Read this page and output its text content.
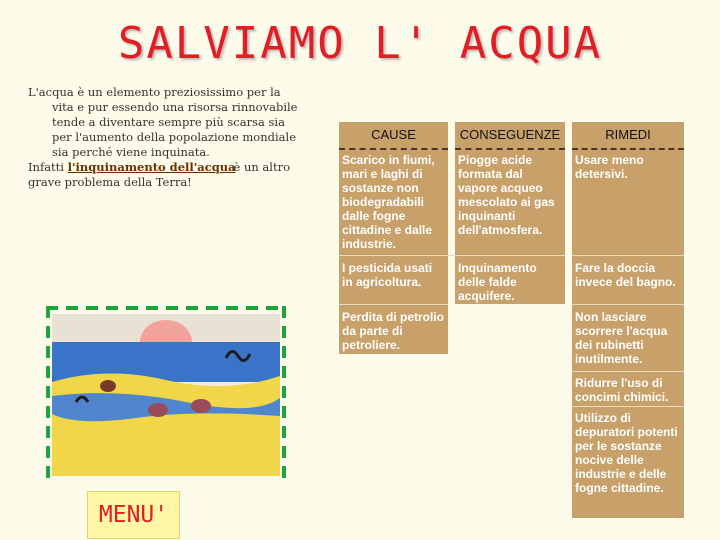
SALVIAMO L' ACQUA

L'acqua è un elemento preziosissimo per la vita e pur essendo una risorsa rinnovabile tende a diventare sempre più scarsa sia per l'aumento della popolazione mondiale sia perché viene inquinata.

Infatti l'inquinamento dell'acqua
è un altro

grave problema della Terra!

MENU'
CAUSE	CONSEGUENZE	RIMEDI
Scarico in fiumi, mari e laghi di sostanze non biodegradabili dalle fogne cittadine e dalle industrie.
I pesticida usati in agricoltura.
Perdita di petrolio da parte di petroliere.
Piogge acide formata dal vapore acqueo mescolato ai gas inquinanti dell'atmosfera.
Inquinamento delle falde acquifere.
Usare meno detersivi.
Fare la doccia invece del bagno.
Non lasciare scorrere l'acqua dei rubinetti inutilmente.
Ridurre l'uso di concimi chimici.
Utilizzo di depuratori potenti per le sostanze nocive delle industrie e delle fogne cittadine.
